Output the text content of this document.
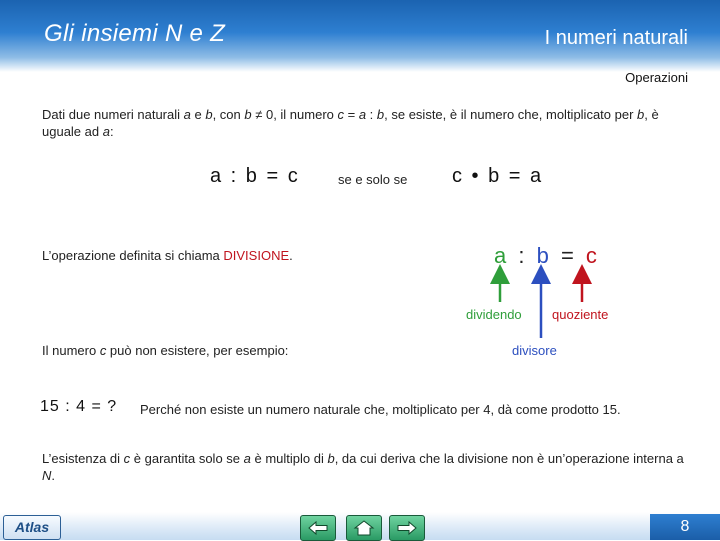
Gli insiemi N e Z	I numeri naturali
Operazioni
Dati due numeri naturali a e b, con b ≠ 0, il numero c = a : b, se esiste, è il numero che, moltiplicato per b, è uguale ad a:
a : b = c	se e solo se c • b = a
L’operazione definita si chiama DIVISIONE.	a : b = c
dividendo quoziente
divisore
Il numero c può non esistere, per esempio:
15 : 4 = ? Perché non esiste un numero naturale che, moltiplicato per 4, dà come prodotto 15.
L’esistenza di c è garantita solo se a è multiplo di b, da cui deriva che la divisione non è un’operazione interna a N.
Atlas	8
